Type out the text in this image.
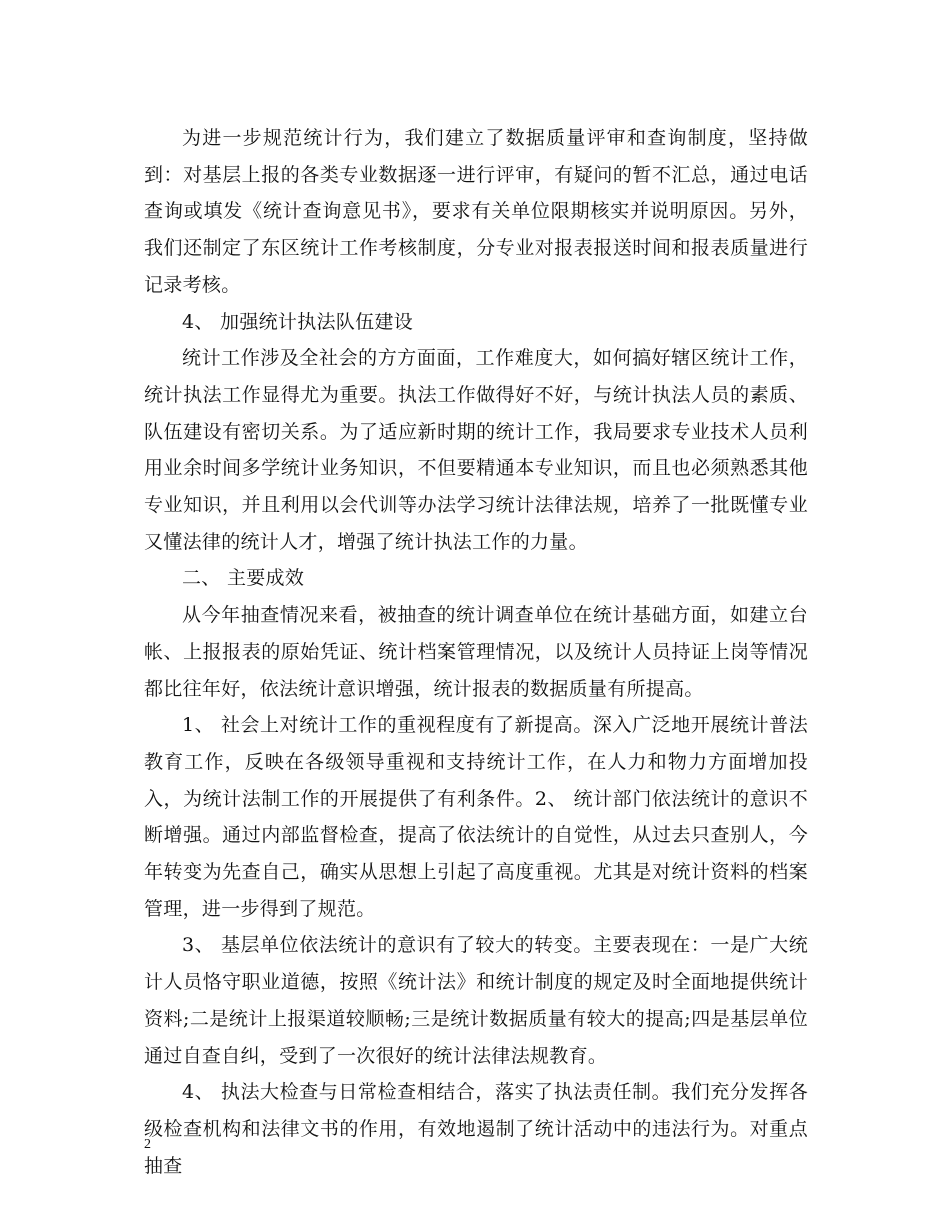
为进一步规范统计行为，我们建立了数据质量评审和查询制度，坚持做到：对基层上报的各类专业数据逐一进行评审，有疑问的暂不汇总，通过电话查询或填发《统计查询意见书》，要求有关单位限期核实并说明原因。另外，我们还制定了东区统计工作考核制度，分专业对报表报送时间和报表质量进行记录考核。

4、 加强统计执法队伍建设

统计工作涉及全社会的方方面面，工作难度大，如何搞好辖区统计工作，统计执法工作显得尤为重要。执法工作做得好不好，与统计执法人员的素质、队伍建设有密切关系。为了适应新时期的统计工作，我局要求专业技术人员利用业余时间多学统计业务知识，不但要精通本专业知识，而且也必须熟悉其他专业知识，并且利用以会代训等办法学习统计法律法规，培养了一批既懂专业又懂法律的统计人才，增强了统计执法工作的力量。

二、 主要成效

从今年抽查情况来看，被抽查的统计调查单位在统计基础方面，如建立台帐、上报报表的原始凭证、统计档案管理情况，以及统计人员持证上岗等情况都比往年好，依法统计意识增强，统计报表的数据质量有所提高。

1、 社会上对统计工作的重视程度有了新提高。深入广泛地开展统计普法教育工作，反映在各级领导重视和支持统计工作，在人力和物力方面增加投入，为统计法制工作的开展提供了有利条件。2、 统计部门依法统计的意识不断增强。通过内部监督检查，提高了依法统计的自觉性，从过去只查别人，今年转变为先查自己，确实从思想上引起了高度重视。尤其是对统计资料的档案管理，进一步得到了规范。

3、 基层单位依法统计的意识有了较大的转变。主要表现在：一是广大统计人员恪守职业道德，按照《统计法》和统计制度的规定及时全面地提供统计资料;二是统计上报渠道较顺畅;三是统计数据质量有较大的提高;四是基层单位通过自查自纠，受到了一次很好的统计法律法规教育。

4、 执法大检查与日常检查相结合，落实了执法责任制。我们充分发挥各级检查机构和法律文书的作用，有效地遏制了统计活动中的违法行为。对重点抽查

2
